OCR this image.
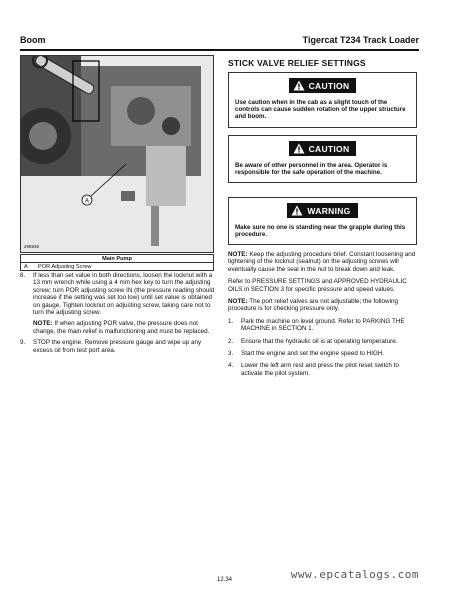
Boom	Tigercat T234 Track Loader
A
298939
Main Pump
A	POR Adjusting Screw
8.	If less than set value in both directions, loosen the locknut with a 13 mm wrench while using a 4 mm hex key to turn the adjusting screw; turn POR adjusting screw IN (the pressure reading should increase if the setting was set too low) until set value is obtained on gauge. Tighten locknut on adjusting screw, taking care not to turn the adjusting screw.
NOTE: If when adjusting POR valve, the pressure does not change, the main relief is malfunctioning and must be replaced.
9.	STOP the engine. Remove pressure gauge and wipe up any excess oil from test port area.
STICK VALVE RELIEF SETTINGS
CAUTION
Use caution when in the cab as a slight touch of the controls can cause sudden rotation of the upper structure and boom.
CAUTION
Be aware of other personnel in the area. Operator is responsible for the safe operation of the machine.
WARNING
Make sure no one is standing near the grapple during this procedure.

NOTE: Keep the adjusting procedure brief. Constant loosening and tightening of the locknut (sealnut) on the adjusting screws will eventually cause the seal in the nut to break down and leak.

Refer to PRESSURE SETTINGS and APPROVED HYDRAULIC OILS in SECTION 3 for specific pressure and speed values.

NOTE: The port relief valves are not adjustable; the following procedure is for checking pressure only.

1.	Park the machine on level ground. Refer to PARKING THE MACHINE in SECTION 1.
2.	Ensure that the hydraulic oil is at operating temperature.
3.	Start the engine and set the engine speed to HIGH.
4.	Lower the left arm rest and press the pilot reset switch to activate the pilot system.
www.epcatalogs.com
12.34
